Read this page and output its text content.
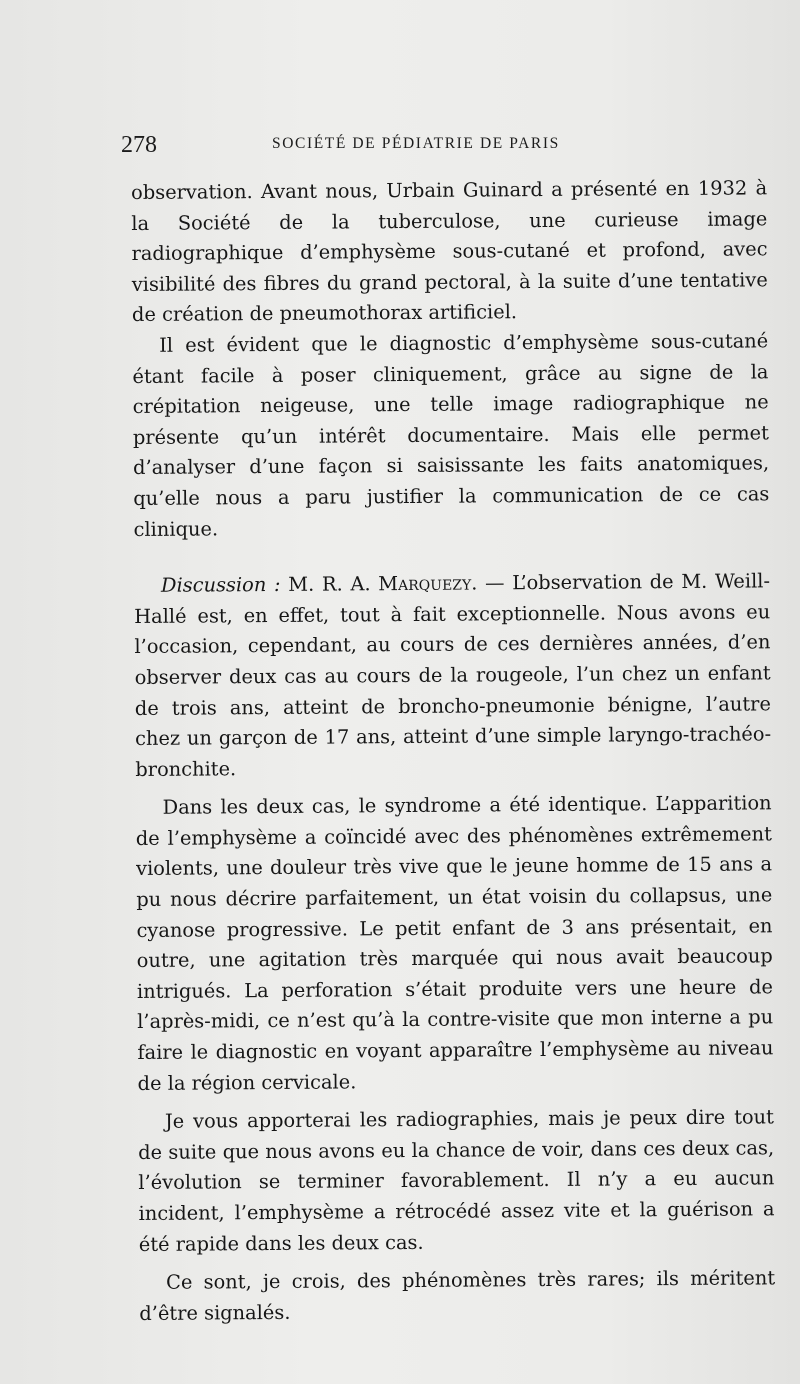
278	SOCIÉTÉ DE PÉDIATRIE DE PARIS

observation. Avant nous, Urbain Guinard a présenté en 1932 à la Société de la tuberculose, une curieuse image radiographique d’emphysème sous-cutané et profond, avec visibilité des fibres du grand pectoral, à la suite d’une tentative de création de pneumothorax artificiel.

Il est évident que le diagnostic d’emphysème sous-cutané étant facile à poser cliniquement, grâce au signe de la crépitation neigeuse, une telle image radiographique ne présente qu’un intérêt documentaire. Mais elle permet d’analyser d’une façon si saisissante les faits anatomiques, qu’elle nous a paru justifier la communication de ce cas clinique.

Discussion : M. R. A. Marquezy. — L’observation de M. Weill-Hallé est, en effet, tout à fait exceptionnelle. Nous avons eu l’occasion, cependant, au cours de ces dernières années, d’en observer deux cas au cours de la rougeole, l’un chez un enfant de trois ans, atteint de broncho-pneumonie bénigne, l’autre chez un garçon de 17 ans, atteint d’une simple laryngo-trachéo-bronchite.

Dans les deux cas, le syndrome a été identique. L’apparition de l’emphysème a coïncidé avec des phénomènes extrêmement violents, une douleur très vive que le jeune homme de 15 ans a pu nous décrire parfaitement, un état voisin du collapsus, une cyanose progressive. Le petit enfant de 3 ans présentait, en outre, une agitation très marquée qui nous avait beaucoup intrigués. La perforation s’était produite vers une heure de l’après-midi, ce n’est qu’à la contre-visite que mon interne a pu faire le diagnostic en voyant apparaître l’emphysème au niveau de la région cervicale.

Je vous apporterai les radiographies, mais je peux dire tout de suite que nous avons eu la chance de voir, dans ces deux cas, l’évolution se terminer favorablement. Il n’y a eu aucun incident, l’emphysème a rétrocédé assez vite et la guérison a été rapide dans les deux cas.

Ce sont, je crois, des phénomènes très rares; ils méritent d’être signalés.
